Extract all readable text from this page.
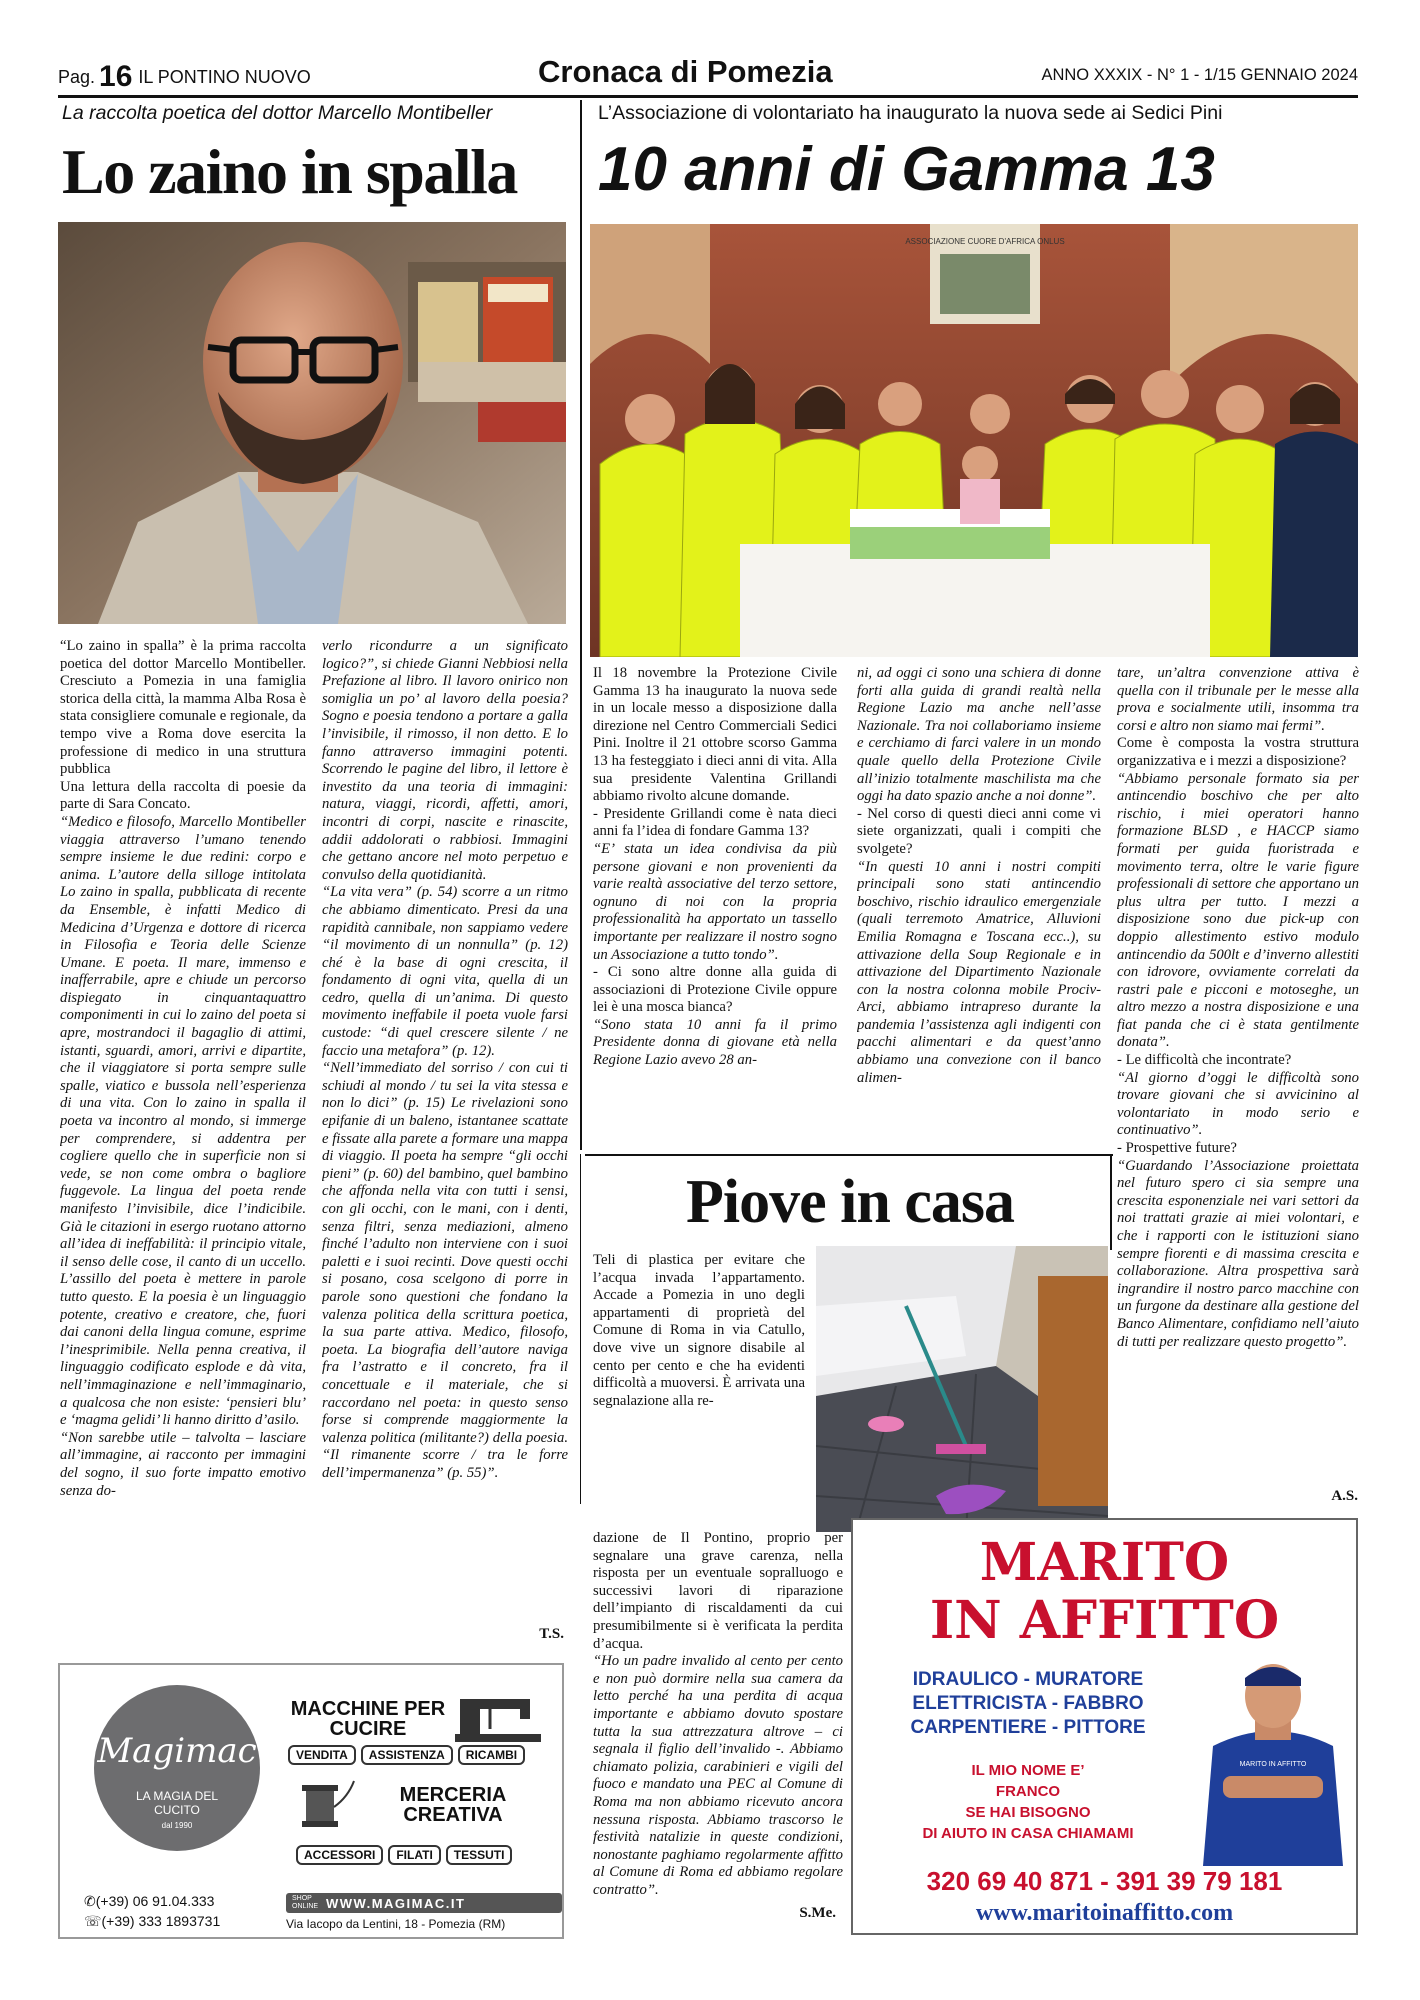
Pag. 16 IL PONTINO NUOVO	Cronaca di Pomezia	ANNO XXXIX - N° 1 - 1/15 GENNAIO 2024
La raccolta poetica del dottor Marcello Montibeller
Lo zaino in spalla

“Lo zaino in spalla” è la prima raccolta poetica del dottor Marcello Montibeller. Cresciuto a Pomezia in una famiglia storica della città, la mamma Alba Rosa è stata consigliere comunale e regionale, da tempo vive a Roma dove esercita la professione di medico in una struttura pubblica

Una lettura della raccolta di poesie da parte di Sara Concato.

“Medico e filosofo, Marcello Montibeller viaggia attraverso l’umano tenendo sempre insieme le due redini: corpo e anima. L’autore della silloge intitolata Lo zaino in spalla, pubblicata di recente da Ensemble, è infatti Medico di Medicina d’Urgenza e dottore di ricerca in Filosofia e Teoria delle Scienze Umane. E poeta. Il mare, immenso e inafferrabile, apre e chiude un percorso dispiegato in cinquantaquattro componimenti in cui lo zaino del poeta si apre, mostrandoci il bagaglio di attimi, istanti, sguardi, amori, arrivi e dipartite, che il viaggiatore si porta sempre sulle spalle, viatico e bussola nell’esperienza di una vita. Con lo zaino in spalla il poeta va incontro al mondo, si immerge per comprendere, si addentra per cogliere quello che in superficie non si vede, se non come ombra o bagliore fuggevole. La lingua del poeta rende manifesto l’invisibile, dice l’indicibile. Già le citazioni in esergo ruotano attorno all’idea di ineffabilità: il principio vitale, il senso delle cose, il canto di un uccello. L’assillo del poeta è mettere in parole tutto questo. E la poesia è un linguaggio potente, creativo e creatore, che, fuori dai canoni della lingua comune, esprime l’inesprimibile. Nella penna creativa, il linguaggio codificato esplode e dà vita, nell’immaginazione e nell’immaginario, a qualcosa che non esiste: ‘pensieri blu’ e ‘magma gelidi’ li hanno diritto d’asilo.

“Non sarebbe utile – talvolta – lasciare all’immagine, ai racconto per immagini del sogno, il suo forte impatto emotivo senza do-

verlo ricondurre a un significato logico?”, si chiede Gianni Nebbiosi nella Prefazione al libro. Il lavoro onirico non somiglia un po’ al lavoro della poesia? Sogno e poesia tendono a portare a galla l’invisibile, il rimosso, il non detto. E lo fanno attraverso immagini potenti. Scorrendo le pagine del libro, il lettore è investito da una teoria di immagini: natura, viaggi, ricordi, affetti, amori, incontri di corpi, nascite e rinascite, addii addolorati o rabbiosi. Immagini che gettano ancore nel moto perpetuo e convulso della quotidianità.

“La vita vera” (p. 54) scorre a un ritmo che abbiamo dimenticato. Presi da una rapidità cannibale, non sappiamo vedere “il movimento di un nonnulla” (p. 12) ché è la base di ogni crescita, il fondamento di ogni vita, quella di un cedro, quella di un’anima. Di questo movimento ineffabile il poeta vuole farsi custode: “di quel crescere silente / ne faccio una metafora” (p. 12).

“Nell’immediato del sorriso / con cui ti schiudi al mondo / tu sei la vita stessa e non lo dici” (p. 15) Le rivelazioni sono epifanie di un baleno, istantanee scattate e fissate alla parete a formare una mappa di viaggio. Il poeta ha sempre “gli occhi pieni” (p. 60) del bambino, quel bambino che affonda nella vita con tutti i sensi, con gli occhi, con le mani, con i denti, senza filtri, senza mediazioni, almeno finché l’adulto non interviene con i suoi paletti e i suoi recinti. Dove questi occhi si posano, cosa scelgono di porre in parole sono questioni che fondano la valenza politica della scrittura poetica, la sua parte attiva. Medico, filosofo, poeta. La biografia dell’autore naviga fra l’astratto e il concreto, fra il concettuale e il materiale, che si raccordano nel poeta: in questo senso forse si comprende maggiormente la valenza politica (militante?) della poesia. “Il rimanente scorre / tra le forre dell’impermanenza” (p. 55)”.

T.S.
L’Associazione di volontariato ha inaugurato la nuova sede ai Sedici Pini
10 anni di Gamma 13
ASSOCIAZIONE CUORE D'AFRICA ONLUS

Il 18 novembre la Protezione Civile Gamma 13 ha inaugurato la nuova sede in un locale messo a disposizione dalla direzione nel Centro Commerciali Sedici Pini. Inoltre il 21 ottobre scorso Gamma 13 ha festeggiato i dieci anni di vita. Alla sua presidente Valentina Grillandi abbiamo rivolto alcune domande.

- Presidente Grillandi come è nata dieci anni fa l’idea di fondare Gamma 13?

“E’ stata un idea condivisa da più persone giovani e non provenienti da varie realtà associative del terzo settore, ognuno di noi con la propria professionalità ha apportato un tassello importante per realizzare il nostro sogno un Associazione a tutto tondo”.

- Ci sono altre donne alla guida di associazioni di Protezione Civile oppure lei è una mosca bianca?

“Sono stata 10 anni fa il primo Presidente donna di giovane età nella Regione Lazio avevo 28 an-

ni, ad oggi ci sono una schiera di donne forti alla guida di grandi realtà nella Regione Lazio ma anche nell’asse Nazionale. Tra noi collaboriamo insieme e cerchiamo di farci valere in un mondo quale quello della Protezione Civile all’inizio totalmente maschilista ma che oggi ha dato spazio anche a noi donne”.

- Nel corso di questi dieci anni come vi siete organizzati, quali i compiti che svolgete?

“In questi 10 anni i nostri compiti principali sono stati antincendio boschivo, rischio idraulico emergenziale (quali terremoto Amatrice, Alluvioni Emilia Romagna e Toscana ecc..), su attivazione della Soup Regionale e in attivazione del Dipartimento Nazionale con la nostra colonna mobile Prociv-Arci, abbiamo intrapreso durante la pandemia l’assistenza agli indigenti con pacchi alimentari e da quest’anno abbiamo una convezione con il banco alimen-

tare, un’altra convenzione attiva è quella con il tribunale per le messe alla prova e socialmente utili, insomma tra corsi e altro non siamo mai fermi”.

Come è composta la vostra struttura organizzativa e i mezzi a disposizione?

“Abbiamo personale formato sia per antincendio boschivo che per alto rischio, i miei operatori hanno formazione BLSD , e HACCP siamo formati per guida fuoristrada e movimento terra, oltre le varie figure professionali di settore che apportano un plus ultra per tutto. I mezzi a disposizione sono due pick-up con doppio allestimento estivo modulo antincendio da 500lt e d’inverno allestiti con idrovore, ovviamente correlati da rastri pale e picconi e motoseghe, un altro mezzo a nostra disposizione e una fiat panda che ci è stata gentilmente donata”.

- Le difficoltà che incontrate?

“Al giorno d’oggi le difficoltà sono trovare giovani che si avvicinino al volontariato in modo serio e continuativo”.

- Prospettive future?

“Guardando l’Associazione proiettata nel futuro spero ci sia sempre una crescita esponenziale nei vari settori da noi trattati grazie ai miei volontari, e che i rapporti con le istituzioni siano sempre fiorenti e di massima crescita e collaborazione. Altra prospettiva sarà ingrandire il nostro parco macchine con un furgone da destinare alla gestione del Banco Alimentare, confidiamo nell’aiuto di tutti per realizzare questo progetto”.

A.S.
Piove in casa

Teli di plastica per evitare che l’acqua invada l’appartamento. Accade a Pomezia in uno degli appartamenti di proprietà del Comune di Roma in via Catullo, dove vive un signore disabile al cento per cento e che ha evidenti difficoltà a muoversi. È arrivata una segnalazione alla re-

dazione de Il Pontino, proprio per segnalare una grave carenza, nella risposta per un eventuale sopralluogo e successivi lavori di riparazione dell’impianto di riscaldamenti da cui presumibilmente si è verificata la perdita d’acqua.

“Ho un padre invalido al cento per cento e non può dormire nella sua camera da letto perché ha una perdita di acqua importante e abbiamo dovuto spostare tutta la sua attrezzatura altrove – ci segnala il figlio dell’invalido -. Abbiamo chiamato polizia, carabinieri e vigili del fuoco e mandato una PEC al Comune di Roma ma non abbiamo ricevuto ancora nessuna risposta. Abbiamo trascorso le festività natalizie in queste condizioni, nonostante paghiamo regolarmente affitto al Comune di Roma ed abbiamo regolare contratto”.

S.Me.
Magimac
LA MAGIA DEL CUCITO
dal 1990
MACCHINE PER CUCIRE
VENDITA	ASSISTENZA	RICAMBI
MERCERIA CREATIVA
ACCESSORI	FILATI	TESSUTI
✆(+39) 06 91.04.333
☏(+39) 333 1893731
SHOP ONLINE WWW.MAGIMAC.IT
Via Iacopo da Lentini, 18 - Pomezia (RM)
MARITO
IN AFFITTO
IDRAULICO - MURATORE
ELETTRICISTA - FABBRO
CARPENTIERE - PITTORE
IL MIO NOME E’
FRANCO
SE HAI BISOGNO
DI AIUTO IN CASA CHIAMAMI
MARITO IN AFFITTO
320 69 40 871 - 391 39 79 181
www.maritoinaffitto.com
